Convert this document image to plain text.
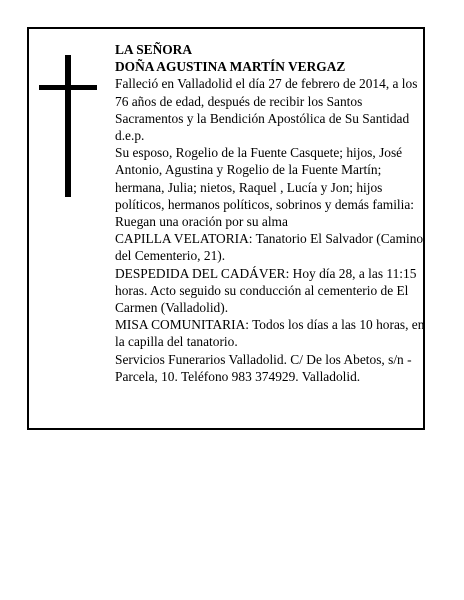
LA SEÑORA

DOÑA AGUSTINA MARTÍN VERGAZ

Falleció en Valladolid el día 27 de febrero de 2014, a los 76 años de edad, después de recibir los Santos Sacramentos y la Bendición Apostólica de Su Santidad d.e.p.

Su esposo, Rogelio de la Fuente Casquete; hijos, José Antonio, Agustina y Rogelio de la Fuente Martín; hermana, Julia; nietos, Raquel , Lucía y Jon; hijos políticos, hermanos políticos, sobrinos y demás familia:

Ruegan una oración por su alma

CAPILLA VELATORIA: Tanatorio El Salvador (Camino del Cementerio, 21).

DESPEDIDA DEL CADÁVER: Hoy día 28, a las 11:15 horas. Acto seguido su conducción al cementerio de El Carmen (Valladolid).

MISA COMUNITARIA: Todos los días a las 10 horas, en la capilla del tanatorio.

Servicios Funerarios Valladolid. C/ De los Abetos, s/n - Parcela, 10. Teléfono 983 374929. Valladolid.
